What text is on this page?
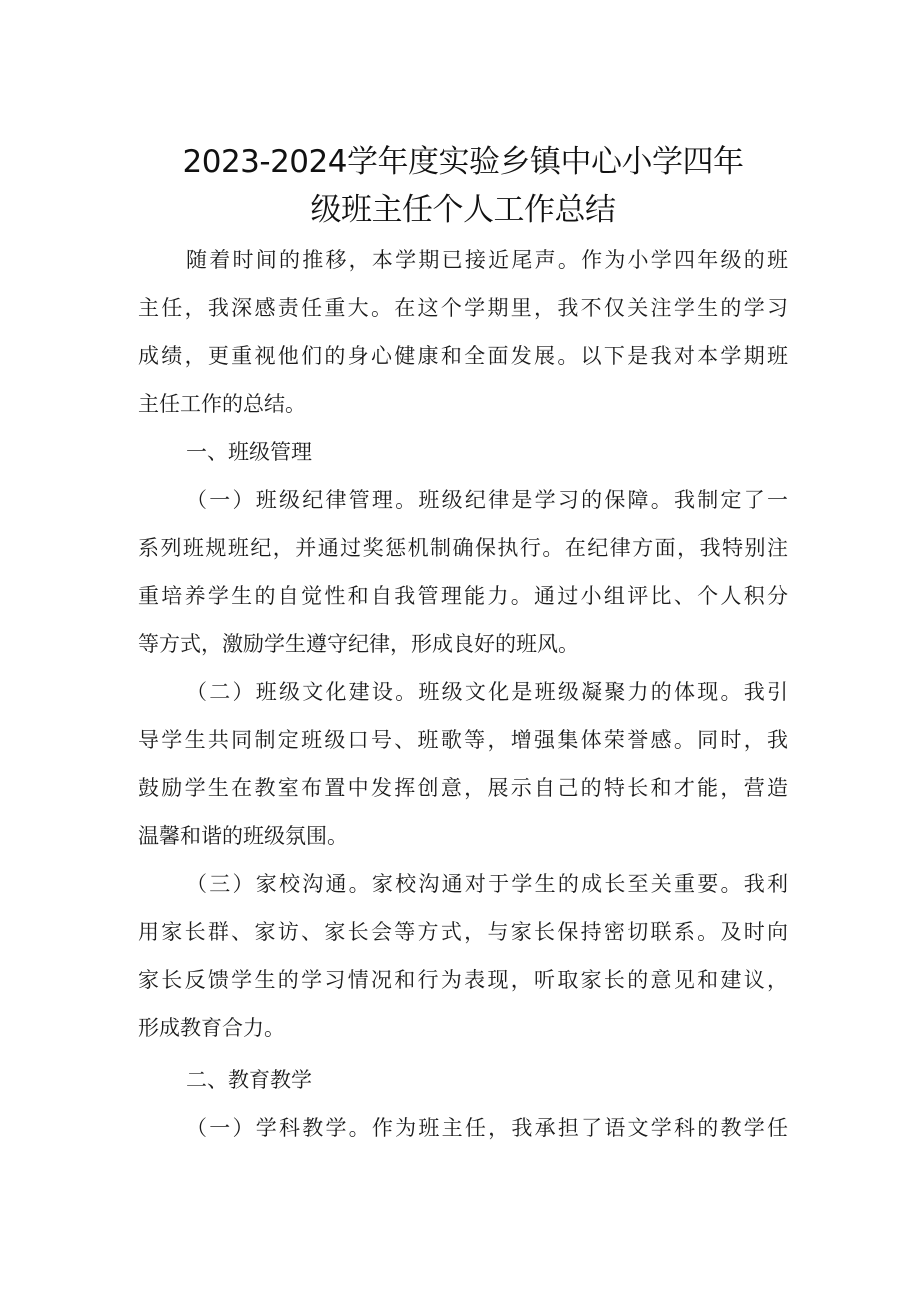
2023-2024学年度实验乡镇中心小学四年
级班主任个人工作总结
随着时间的推移，本学期已接近尾声。作为小学四年级的班
主任，我深感责任重大。在这个学期里，我不仅关注学生的学习
成绩，更重视他们的身心健康和全面发展。以下是我对本学期班
主任工作的总结。
一、班级管理
（一）班级纪律管理。班级纪律是学习的保障。我制定了一
系列班规班纪，并通过奖惩机制确保执行。在纪律方面，我特别注
重培养学生的自觉性和自我管理能力。通过小组评比、个人积分
等方式，激励学生遵守纪律，形成良好的班风。
（二）班级文化建设。班级文化是班级凝聚力的体现。我引
导学生共同制定班级口号、班歌等，增强集体荣誉感。同时，我
鼓励学生在教室布置中发挥创意，展示自己的特长和才能，营造
温馨和谐的班级氛围。
（三）家校沟通。家校沟通对于学生的成长至关重要。我利
用家长群、家访、家长会等方式，与家长保持密切联系。及时向
家长反馈学生的学习情况和行为表现，听取家长的意见和建议，
形成教育合力。
二、教育教学
（一）学科教学。作为班主任，我承担了语文学科的教学任
